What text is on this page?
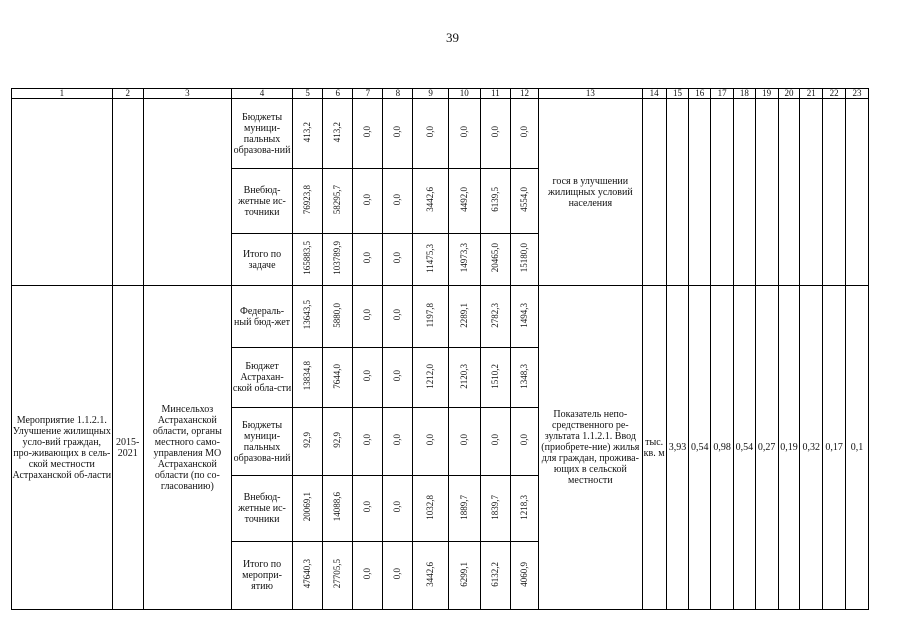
39
1	2	3	4	5	6	7	8	9	10	11	12	13	14	15	16	17	18	19	20	21	22	23
			Бюджеты муници-пальных образова-ний	413,2	413,2	0,0	0,0	0,0	0,0	0,0	0,0	гося в улучшении жилищных условий населения										
			Внебюд-жетные ис-точники	76923,8	58295,7	0,0	0,0	3442,6	4492,0	6139,5	4554,0											
			Итого по задаче	165883,5	103789,9	0,0	0,0	11475,3	14973,3	20465,0	15180,0											
Мероприятие 1.1.2.1. Улучшение жилищных усло-вий граждан, про-живающих в сель-ской местности Астраханской об-ласти	2015-2021	Минсельхоз Астраханской области, органы местного само-управления МО Астраханской области (по со-гласованию)	Федераль-ный бюд-жет	13643,5	5880,0	0,0	0,0	1197,8	2289,1	2782,3	1494,3	Показатель непо-средственного ре-зультата 1.1.2.1. Ввод (приобрете-ние) жилья для граждан, прожива-ющих в сельской местности	тыс. кв. м	3,93	0,54	0,98	0,54	0,27	0,19	0,32	0,17	0,1
			Бюджет Астрахан-ской обла-сти	13834,8	7644,0	0,0	0,0	1212,0	2120,3	1510,2	1348,3											
			Бюджеты муници-пальных образова-ний	92,9	92,9	0,0	0,0	0,0	0,0	0,0	0,0											
			Внебюд-жетные ис-точники	20069,1	14088,6	0,0	0,0	1032,8	1889,7	1839,7	1218,3											
			Итого по меропри-ятию	47640,3	27705,5	0,0	0,0	3442,6	6299,1	6132,2	4060,9											
